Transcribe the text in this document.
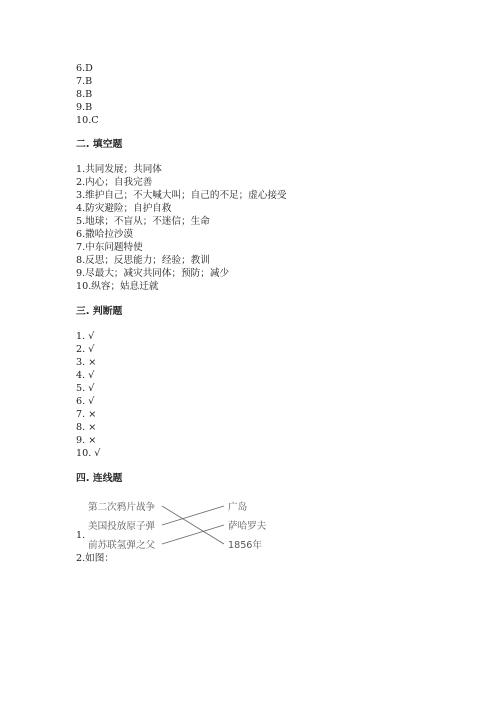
6.D
7.B
8.B
9.B
10.C
二. 填空题
1.共同发展；共同体
2.内心；自我完善
3.维护自己；不大喊大叫；自己的不足；虚心接受
4.防灾避险；自护自救
5.地球；不盲从；不迷信；生命
6.撒哈拉沙漠
7.中东问题特使
8.反思；反思能力；经验；教训
9.尽最大；减灾共同体；预防；减少
10.纵容；姑息迁就
三. 判断题
1. √
2. √
3. ×
4. √
5. √
6. √
7. ×
8. ×
9. ×
10. √
四. 连线题
1.
第二次鸦片战争
美国投放原子弹
前苏联氢弹之父
广岛
萨哈罗夫
1856年
2.如图：
